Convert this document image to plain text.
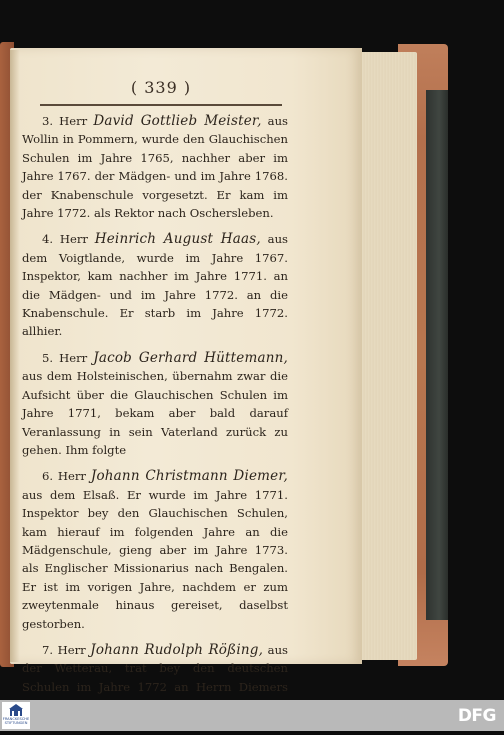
( 339 )

3. Herr David Gottlieb Meister, aus Wollin in Pommern, wurde den Glauchischen Schulen im Jahre 1765, nachher aber im Jahre 1767. der Mädgen- und im Jahre 1768. der Knabenschule vorgesetzt. Er kam im Jahre 1772. als Rektor nach Oschersleben.

4. Herr Heinrich August Haas, aus dem Voigtlande, wurde im Jahre 1767. Inspektor, kam nachher im Jahre 1771. an die Mädgen- und im Jahre 1772. an die Knabenschule. Er starb im Jahre 1772. allhier.

5. Herr Jacob Gerhard Hüttemann, aus dem Holsteinischen, übernahm zwar die Aufsicht über die Glauchischen Schulen im Jahre 1771, bekam aber bald darauf Veranlassung in sein Vaterland zurück zu gehen. Ihm folgte

6. Herr Johann Christmann Diemer, aus dem Elsaß. Er wurde im Jahre 1771. Inspektor bey den Glauchischen Schulen, kam hierauf im folgenden Jahre an die Mädgenschule, gieng aber im Jahre 1773. als Englischer Missionarius nach Bengalen. Er ist im vorigen Jahre, nachdem er zum zweytenmale hinaus gereiset, daselbst gestorben.

7. Herr Johann Rudolph Rößing, aus der Wetterau, trat bey den deutschen Schulen im Jahre 1772 an Herrn Diemers

FRANCKESCHE STIFTUNGEN	DFG
